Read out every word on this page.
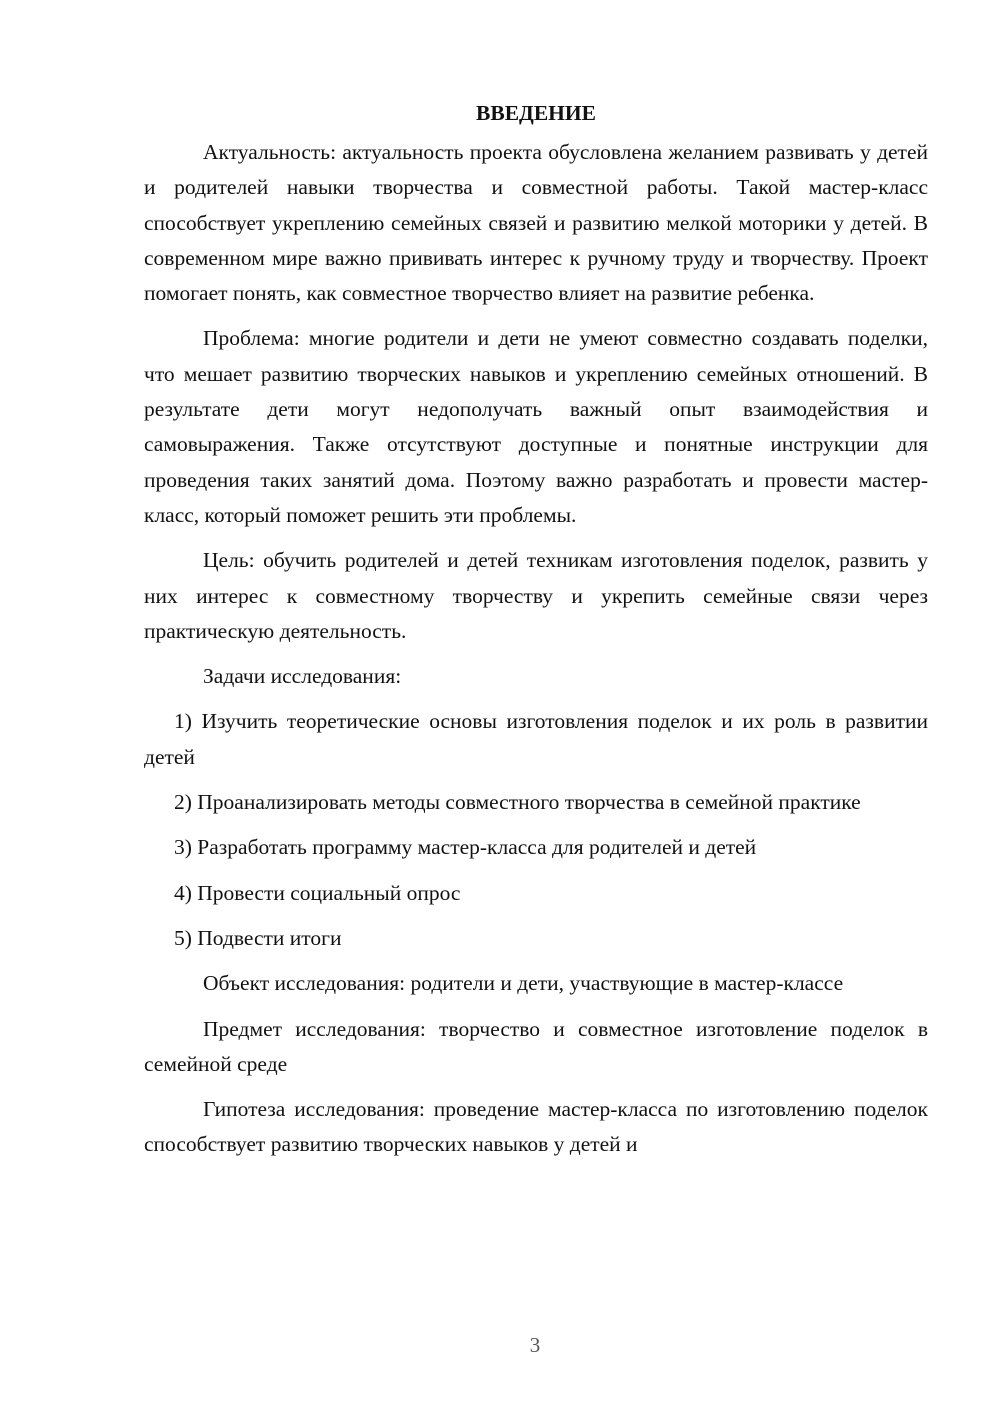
ВВЕДЕНИЕ

Актуальность: актуальность проекта обусловлена желанием развивать у детей и родителей навыки творчества и совместной работы. Такой мастер-класс способствует укреплению семейных связей и развитию мелкой моторики у детей. В современном мире важно прививать интерес к ручному труду и творчеству. Проект помогает понять, как совместное творчество влияет на развитие ребенка.

Проблема: многие родители и дети не умеют совместно создавать поделки, что мешает развитию творческих навыков и укреплению семейных отношений. В результате дети могут недополучать важный опыт взаимодействия и самовыражения. Также отсутствуют доступные и понятные инструкции для проведения таких занятий дома. Поэтому важно разработать и провести мастер-класс, который поможет решить эти проблемы.

Цель: обучить родителей и детей техникам изготовления поделок, развить у них интерес к совместному творчеству и укрепить семейные связи через практическую деятельность.

Задачи исследования:

1) Изучить теоретические основы изготовления поделок и их роль в развитии детей

2) Проанализировать методы совместного творчества в семейной практике

3) Разработать программу мастер-класса для родителей и детей

4) Провести социальный опрос

5) Подвести итоги

Объект исследования: родители и дети, участвующие в мастер-классе

Предмет исследования: творчество и совместное изготовление поделок в семейной среде

Гипотеза исследования: проведение мастер-класса по изготовлению поделок способствует развитию творческих навыков у детей и

3
